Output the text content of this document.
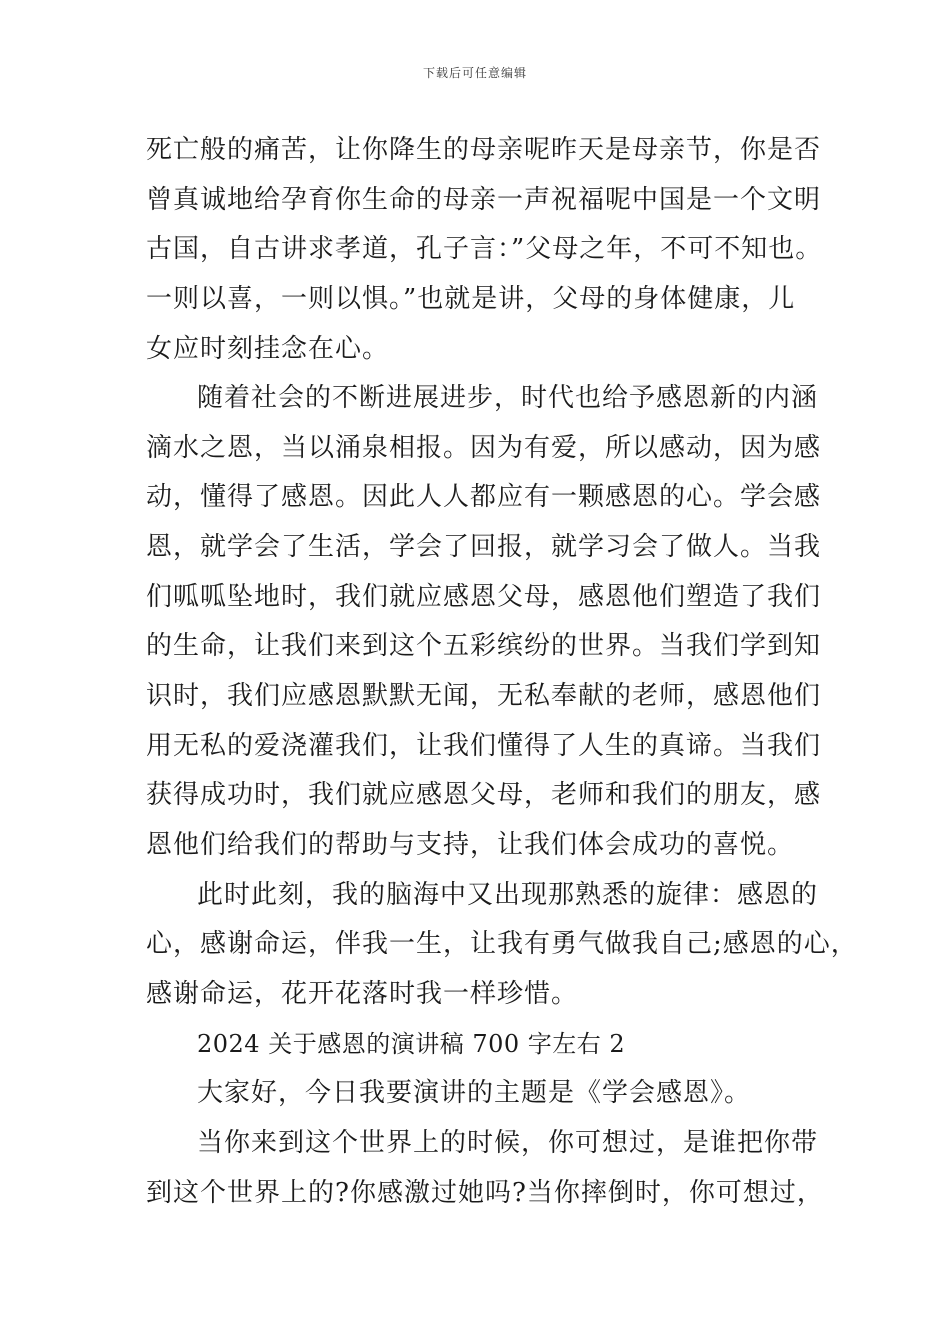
下载后可任意编辑
死亡般的痛苦，让你降生的母亲呢昨天是母亲节，你是否
曾真诚地给孕育你生命的母亲一声祝福呢中国是一个文明
古国，自古讲求孝道，孔子言：”父母之年，不可不知也。
一则以喜，一则以惧。”也就是讲，父母的身体健康，儿
女应时刻挂念在心。
随着社会的不断进展进步，时代也给予感恩新的内涵
滴水之恩，当以涌泉相报。因为有爱，所以感动，因为感
动，懂得了感恩。因此人人都应有一颗感恩的心。学会感
恩，就学会了生活，学会了回报，就学习会了做人。当我
们呱呱坠地时，我们就应感恩父母，感恩他们塑造了我们
的生命，让我们来到这个五彩缤纷的世界。当我们学到知
识时，我们应感恩默默无闻，无私奉献的老师，感恩他们
用无私的爱浇灌我们，让我们懂得了人生的真谛。当我们
获得成功时，我们就应感恩父母，老师和我们的朋友，感
恩他们给我们的帮助与支持，让我们体会成功的喜悦。
此时此刻，我的脑海中又出现那熟悉的旋律：感恩的
心，感谢命运，伴我一生，让我有勇气做我自己;感恩的心，
感谢命运，花开花落时我一样珍惜。
2024 关于感恩的演讲稿 700 字左右 2
大家好，今日我要演讲的主题是《学会感恩》。
当你来到这个世界上的时候，你可想过，是谁把你带
到这个世界上的?你感激过她吗?当你摔倒时，你可想过，
